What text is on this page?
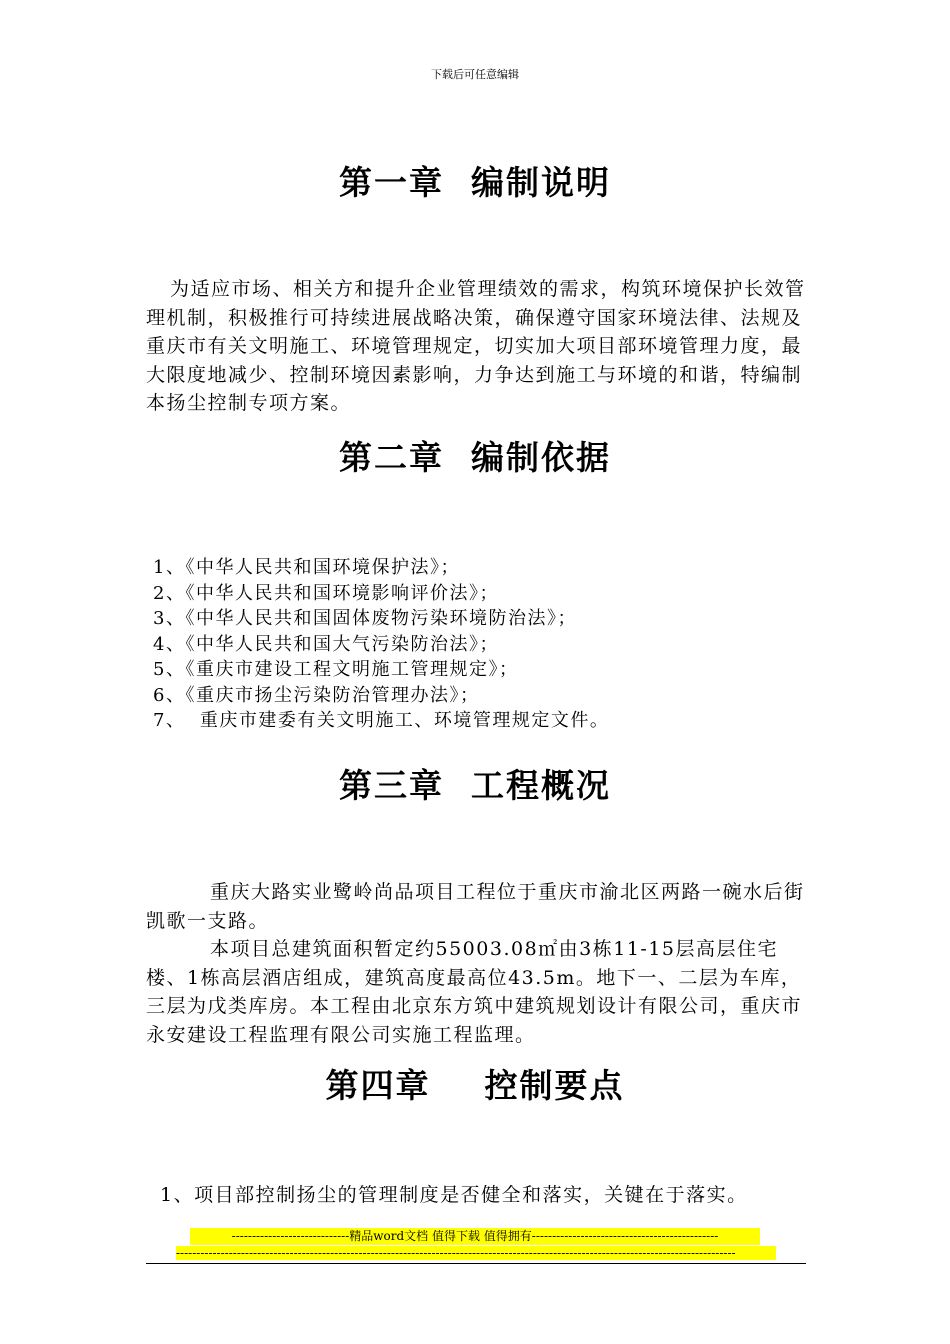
下载后可任意编辑
第一章  编制说明

为适应市场、相关方和提升企业管理绩效的需求，构筑环境保护长效管理机制，积极推行可持续进展战略决策，确保遵守国家环境法律、法规及重庆市有关文明施工、环境管理规定，切实加大项目部环境管理力度，最大限度地减少、控制环境因素影响，力争达到施工与环境的和谐，特编制本扬尘控制专项方案。

第二章  编制依据
1、《中华人民共和国环境保护法》；
2、《中华人民共和国环境影响评价法》；
3、《中华人民共和国固体废物污染环境防治法》；
4、《中华人民共和国大气污染防治法》；
5、《重庆市建设工程文明施工管理规定》；
6、《重庆市扬尘污染防治管理办法》；
7、  重庆市建委有关文明施工、环境管理规定文件。
第三章  工程概况

重庆大路实业鹭岭尚品项目工程位于重庆市渝北区两路一碗水后街凯歌一支路。

本项目总建筑面积暂定约55003.08㎡由3栋11-15层高层住宅楼、1栋高层酒店组成，建筑高度最高位43.5m。地下一、二层为车库，三层为戊类库房。本工程由北京东方筑中建筑规划设计有限公司，重庆市永安建设工程监理有限公司实施工程监理。

第四章    控制要点
1、项目部控制扬尘的管理制度是否健全和落实，关键在于落实。
-----------------------------精品word文档 值得下载 值得拥有----------------------------------------------
------------------------------------------------------------------------------------------------------------------------------------------
